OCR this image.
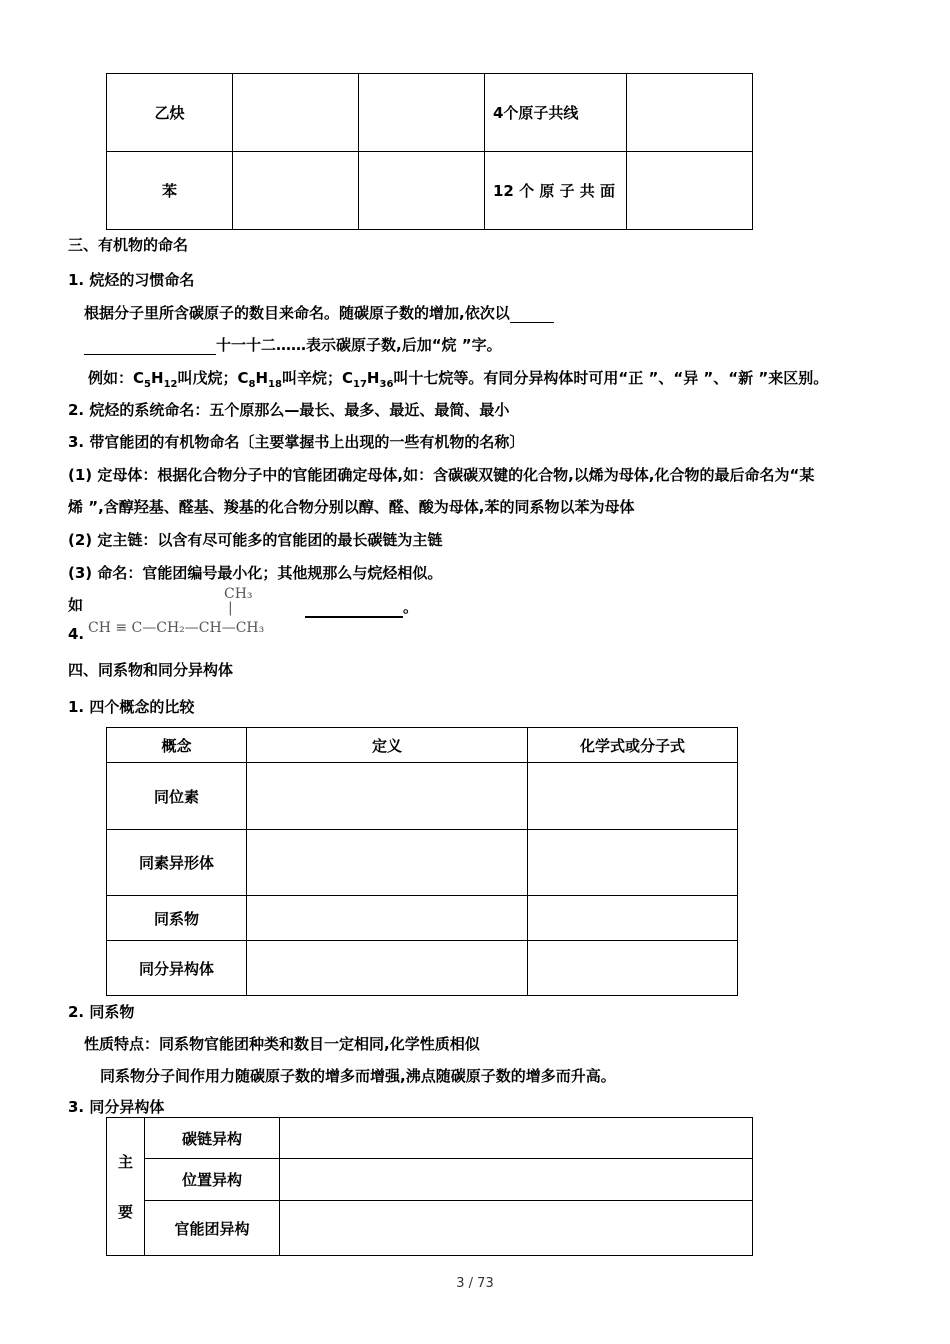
乙炔			4个原子共线	
苯			12 个 原 子 共 面	
三、有机物的命名
1. 烷烃的习惯命名
根据分子里所含碳原子的数目来命名。随碳原子数的增加,依次以
十一十二……表示碳原子数,后加“烷 ”字。
例如：$C_5H_{12}$叫戊烷；$C_8H_{18}$叫辛烷；$C_{17}H_{36}$叫十七烷等。有同分异构体时可用“正 ”、“异 ”、“新 ”来区别。
2. 烷烃的系统命名：五个原那么—最长、最多、最近、最简、最小
3. 带官能团的有机物命名〔主要掌握书上出现的一些有机物的名称〕
(1) 定母体：根据化合物分子中的官能团确定母体,如：含碳碳双键的化合物,以烯为母体,化合物的最后命名为“某
烯 ”,含醇羟基、醛基、羧基的化合物分别以醇、醛、酸为母体,苯的同系物以苯为母体
(2) 定主链：以含有尽可能多的官能团的最长碳链为主链
(3) 命名：官能团编号最小化；其他规那么与烷烃相似。
如
4.
CH₃
|
CH ≡ C—CH₂—CH—CH₃
。
四、同系物和同分异构体
1. 四个概念的比较
概念	定义	化学式或分子式
同位素		
同素异形体		
同系物		
同分异构体		
2. 同系物
性质特点：同系物官能团种类和数目一定相同,化学性质相似
同系物分子间作用力随碳原子数的增多而增强,沸点随碳原子数的增多而升高。
3. 同分异构体
主
要	碳链异构	
	位置异构	
	官能团异构	
3 / 73
